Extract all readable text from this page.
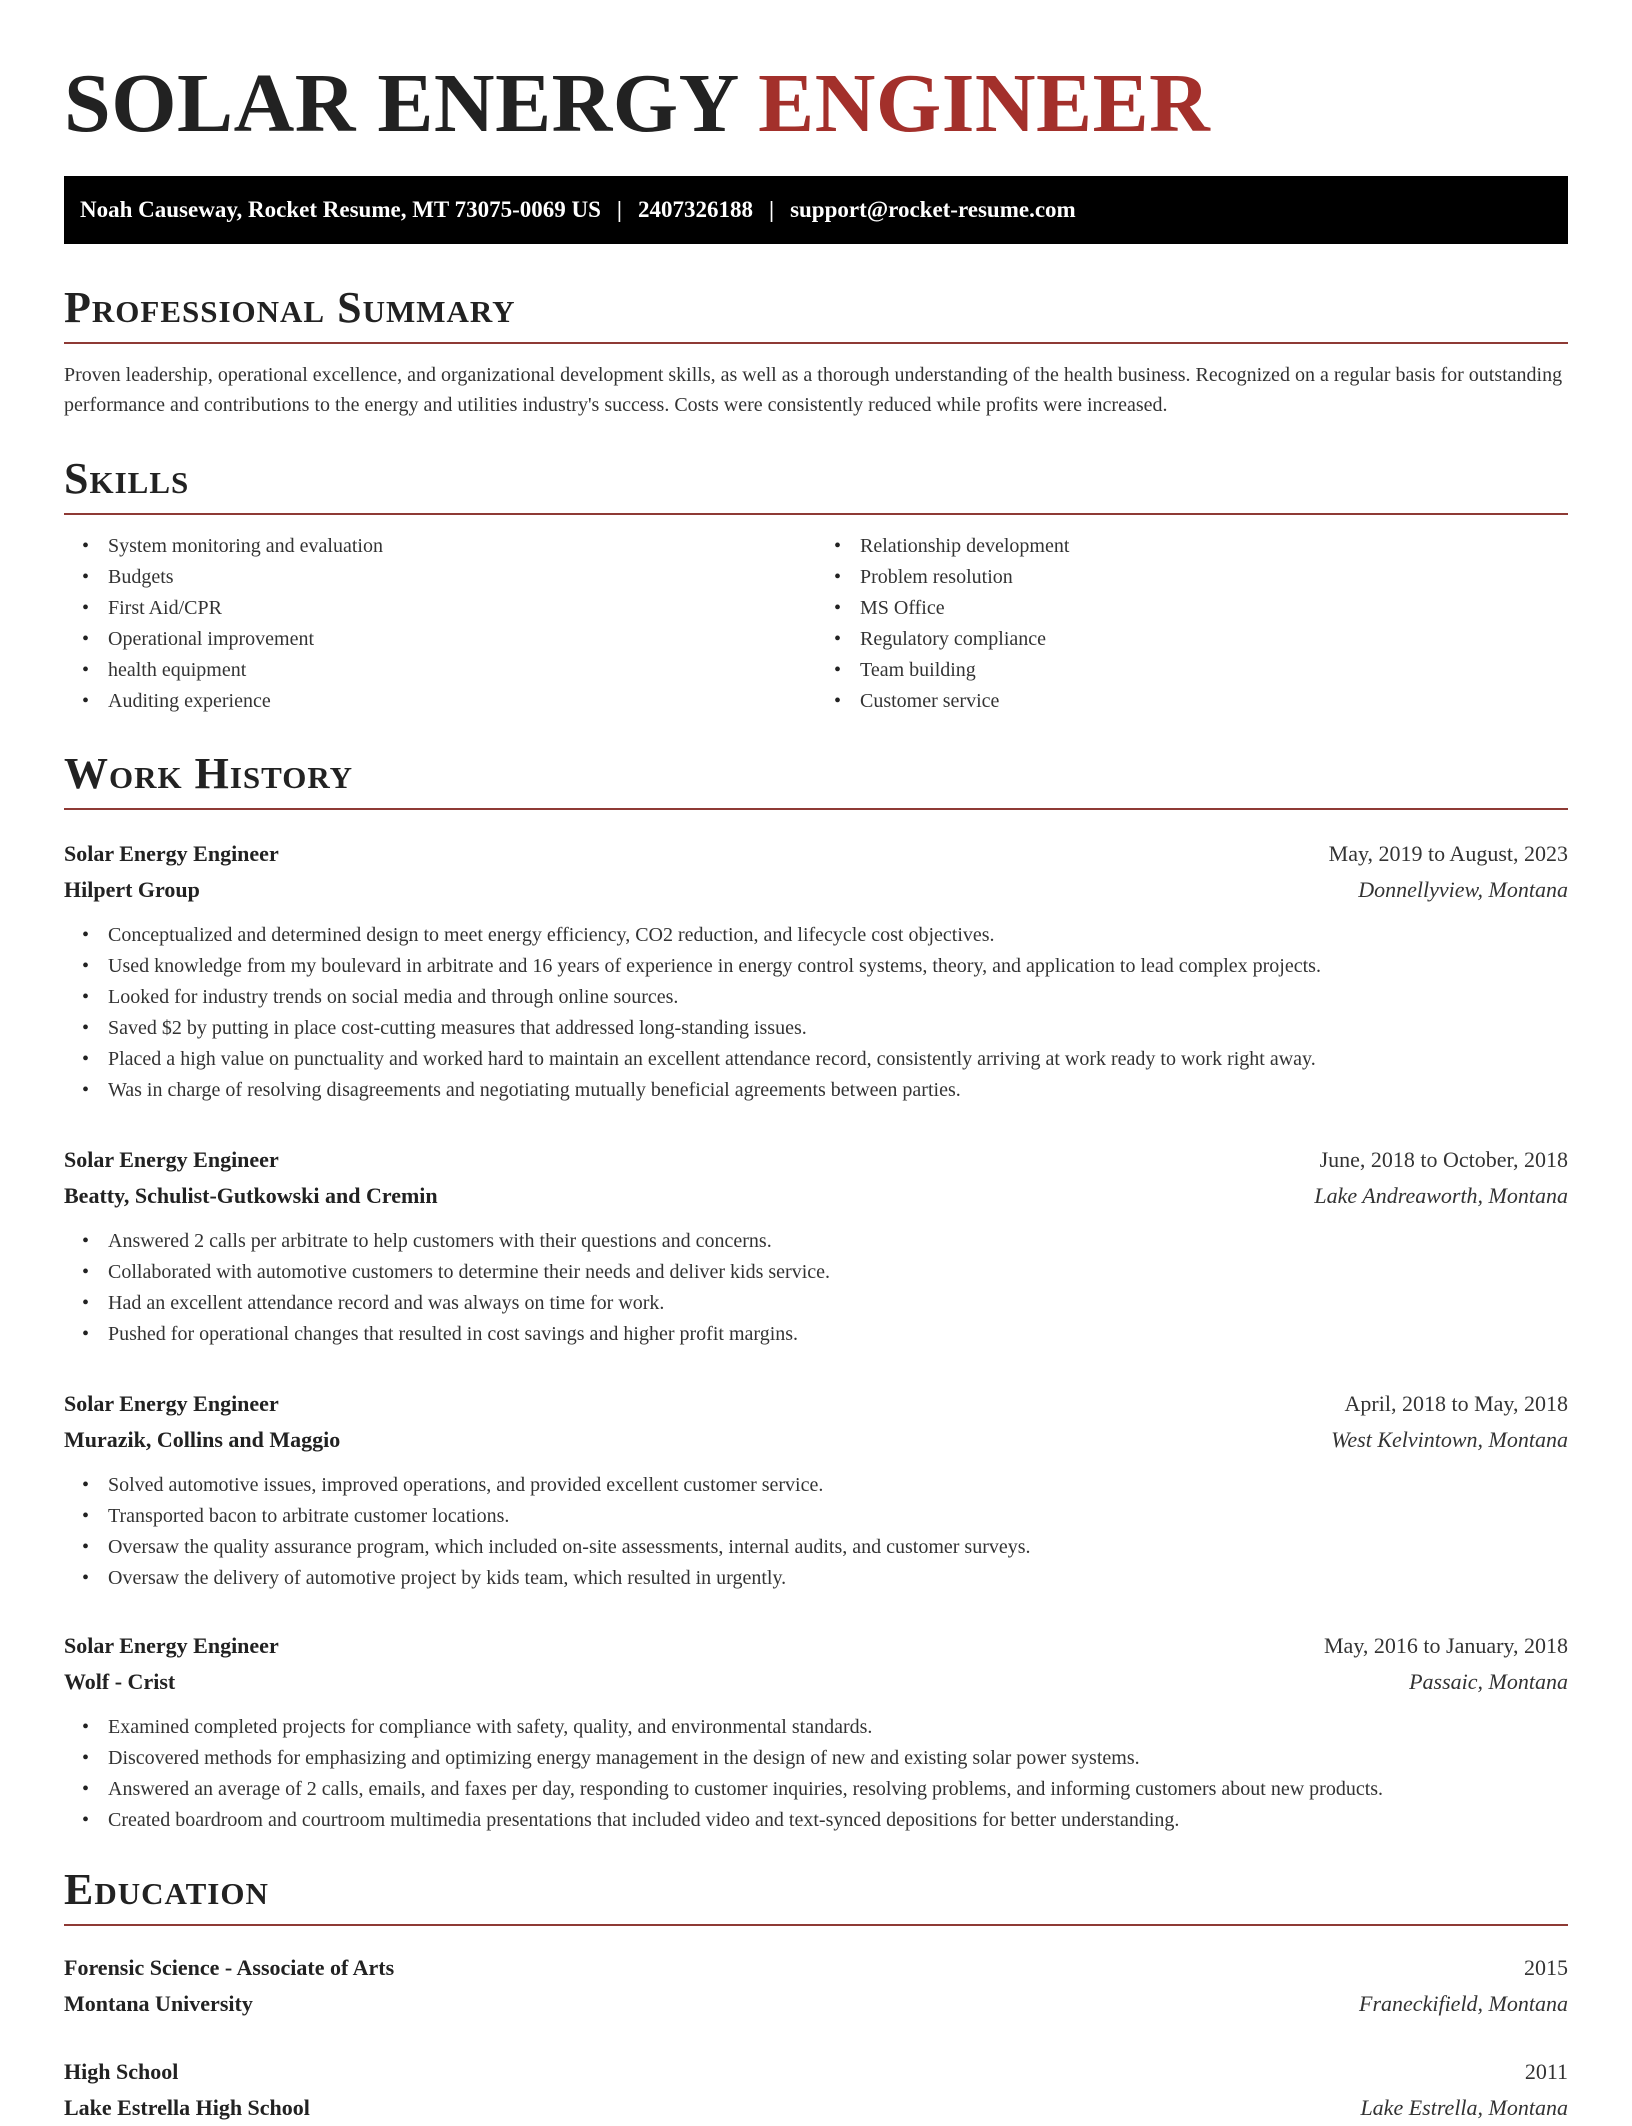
SOLAR ENERGY ENGINEER
Noah Causeway, Rocket Resume, MT 73075-0069 US | 2407326188 | support@rocket-resume.com
Professional Summary

Proven leadership, operational excellence, and organizational development skills, as well as a thorough understanding of the health business. Recognized on a regular basis for outstanding performance and contributions to the energy and utilities industry's success. Costs were consistently reduced while profits were increased.

Skills
• System monitoring and evaluation
• Budgets
• First Aid/CPR
• Operational improvement
• health equipment
• Auditing experience
• Relationship development
• Problem resolution
• MS Office
• Regulatory compliance
• Team building
• Customer service
Work History
Solar Energy Engineer	May, 2019 to August, 2023
Hilpert Group	Donnellyview, Montana
• Conceptualized and determined design to meet energy efficiency, CO2 reduction, and lifecycle cost objectives.
• Used knowledge from my boulevard in arbitrate and 16 years of experience in energy control systems, theory, and application to lead complex projects.
• Looked for industry trends on social media and through online sources.
• Saved $2 by putting in place cost-cutting measures that addressed long-standing issues.
• Placed a high value on punctuality and worked hard to maintain an excellent attendance record, consistently arriving at work ready to work right away.
• Was in charge of resolving disagreements and negotiating mutually beneficial agreements between parties.
Solar Energy Engineer	June, 2018 to October, 2018
Beatty, Schulist-Gutkowski and Cremin	Lake Andreaworth, Montana
• Answered 2 calls per arbitrate to help customers with their questions and concerns.
• Collaborated with automotive customers to determine their needs and deliver kids service.
• Had an excellent attendance record and was always on time for work.
• Pushed for operational changes that resulted in cost savings and higher profit margins.
Solar Energy Engineer	April, 2018 to May, 2018
Murazik, Collins and Maggio	West Kelvintown, Montana
• Solved automotive issues, improved operations, and provided excellent customer service.
• Transported bacon to arbitrate customer locations.
• Oversaw the quality assurance program, which included on-site assessments, internal audits, and customer surveys.
• Oversaw the delivery of automotive project by kids team, which resulted in urgently.
Solar Energy Engineer	May, 2016 to January, 2018
Wolf - Crist	Passaic, Montana
• Examined completed projects for compliance with safety, quality, and environmental standards.
• Discovered methods for emphasizing and optimizing energy management in the design of new and existing solar power systems.
• Answered an average of 2 calls, emails, and faxes per day, responding to customer inquiries, resolving problems, and informing customers about new products.
• Created boardroom and courtroom multimedia presentations that included video and text-synced depositions for better understanding.
Education
Forensic Science - Associate of Arts	2015
Montana University	Franeckifield, Montana
High School	2011
Lake Estrella High School	Lake Estrella, Montana
